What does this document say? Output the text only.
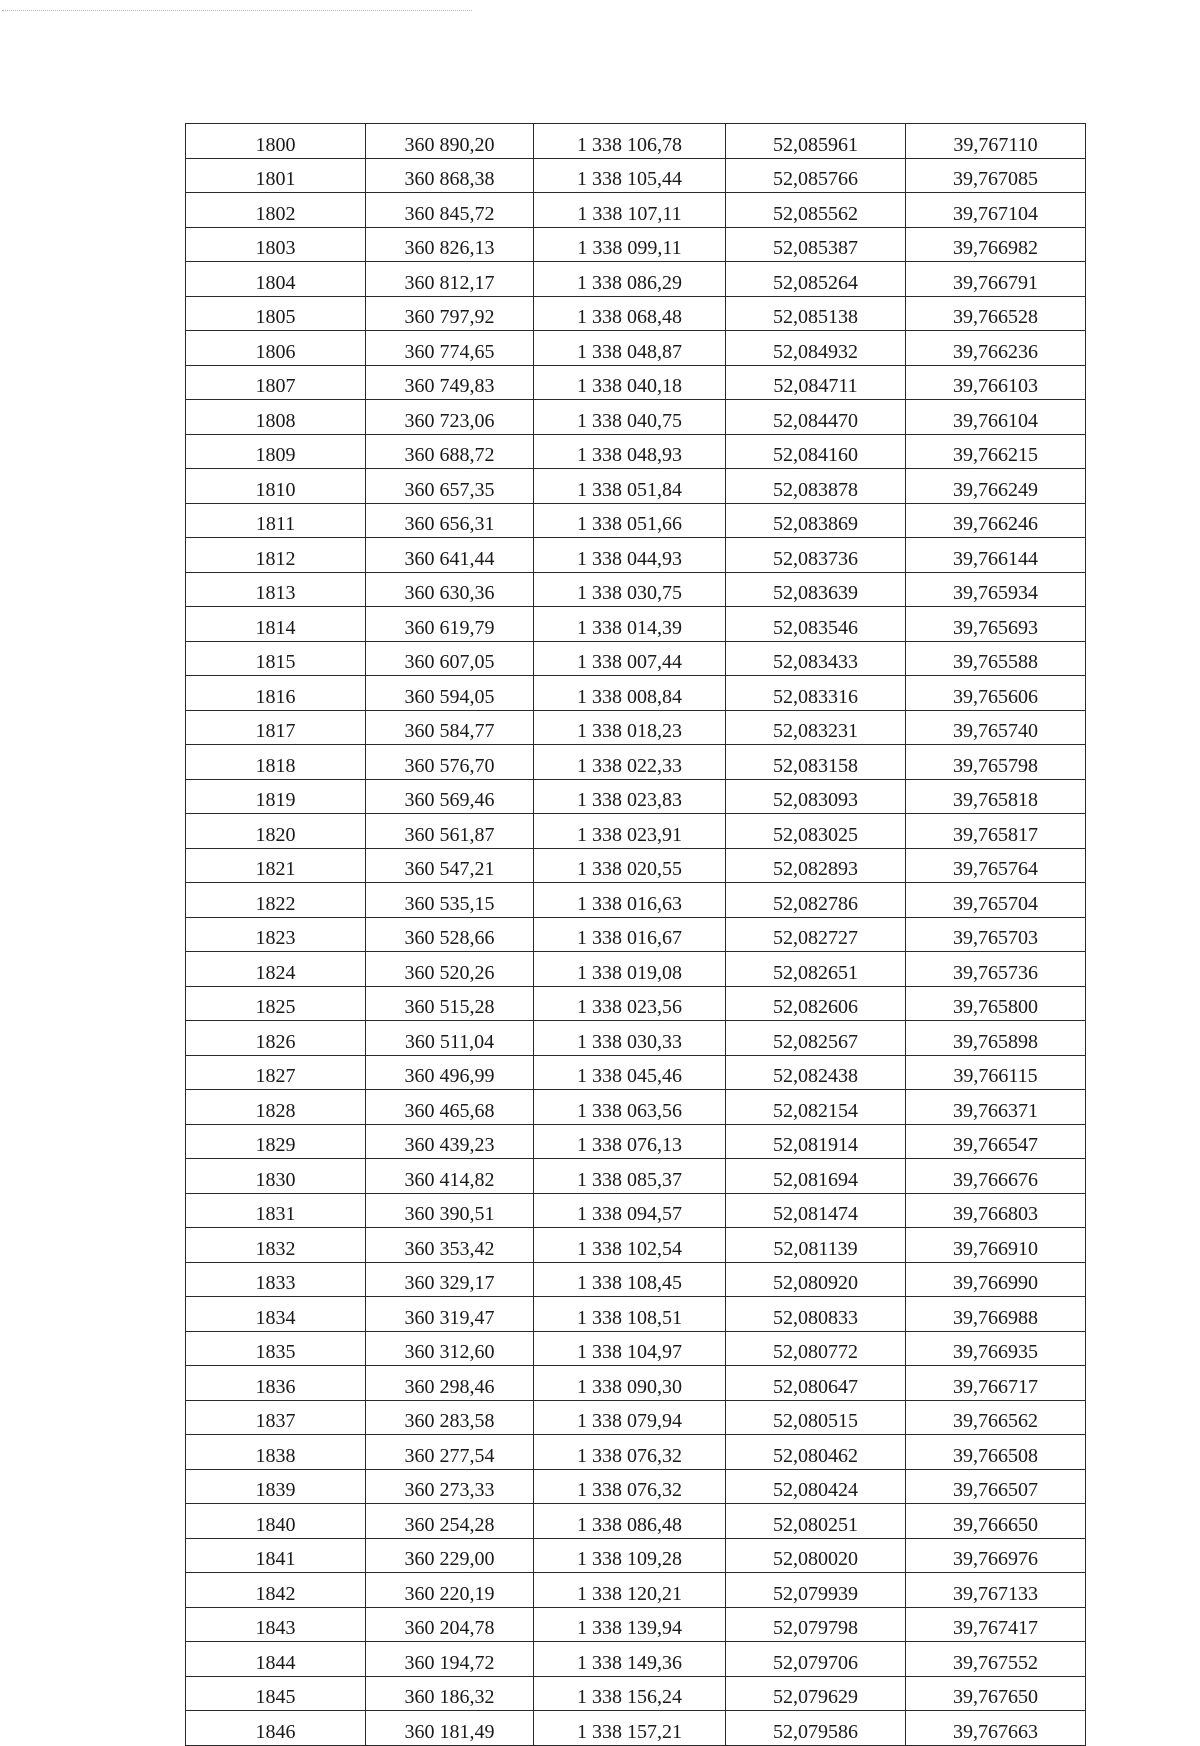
1800	360 890,20	1 338 106,78	52,085961	39,767110
1801	360 868,38	1 338 105,44	52,085766	39,767085
1802	360 845,72	1 338 107,11	52,085562	39,767104
1803	360 826,13	1 338 099,11	52,085387	39,766982
1804	360 812,17	1 338 086,29	52,085264	39,766791
1805	360 797,92	1 338 068,48	52,085138	39,766528
1806	360 774,65	1 338 048,87	52,084932	39,766236
1807	360 749,83	1 338 040,18	52,084711	39,766103
1808	360 723,06	1 338 040,75	52,084470	39,766104
1809	360 688,72	1 338 048,93	52,084160	39,766215
1810	360 657,35	1 338 051,84	52,083878	39,766249
1811	360 656,31	1 338 051,66	52,083869	39,766246
1812	360 641,44	1 338 044,93	52,083736	39,766144
1813	360 630,36	1 338 030,75	52,083639	39,765934
1814	360 619,79	1 338 014,39	52,083546	39,765693
1815	360 607,05	1 338 007,44	52,083433	39,765588
1816	360 594,05	1 338 008,84	52,083316	39,765606
1817	360 584,77	1 338 018,23	52,083231	39,765740
1818	360 576,70	1 338 022,33	52,083158	39,765798
1819	360 569,46	1 338 023,83	52,083093	39,765818
1820	360 561,87	1 338 023,91	52,083025	39,765817
1821	360 547,21	1 338 020,55	52,082893	39,765764
1822	360 535,15	1 338 016,63	52,082786	39,765704
1823	360 528,66	1 338 016,67	52,082727	39,765703
1824	360 520,26	1 338 019,08	52,082651	39,765736
1825	360 515,28	1 338 023,56	52,082606	39,765800
1826	360 511,04	1 338 030,33	52,082567	39,765898
1827	360 496,99	1 338 045,46	52,082438	39,766115
1828	360 465,68	1 338 063,56	52,082154	39,766371
1829	360 439,23	1 338 076,13	52,081914	39,766547
1830	360 414,82	1 338 085,37	52,081694	39,766676
1831	360 390,51	1 338 094,57	52,081474	39,766803
1832	360 353,42	1 338 102,54	52,081139	39,766910
1833	360 329,17	1 338 108,45	52,080920	39,766990
1834	360 319,47	1 338 108,51	52,080833	39,766988
1835	360 312,60	1 338 104,97	52,080772	39,766935
1836	360 298,46	1 338 090,30	52,080647	39,766717
1837	360 283,58	1 338 079,94	52,080515	39,766562
1838	360 277,54	1 338 076,32	52,080462	39,766508
1839	360 273,33	1 338 076,32	52,080424	39,766507
1840	360 254,28	1 338 086,48	52,080251	39,766650
1841	360 229,00	1 338 109,28	52,080020	39,766976
1842	360 220,19	1 338 120,21	52,079939	39,767133
1843	360 204,78	1 338 139,94	52,079798	39,767417
1844	360 194,72	1 338 149,36	52,079706	39,767552
1845	360 186,32	1 338 156,24	52,079629	39,767650
1846	360 181,49	1 338 157,21	52,079586	39,767663
